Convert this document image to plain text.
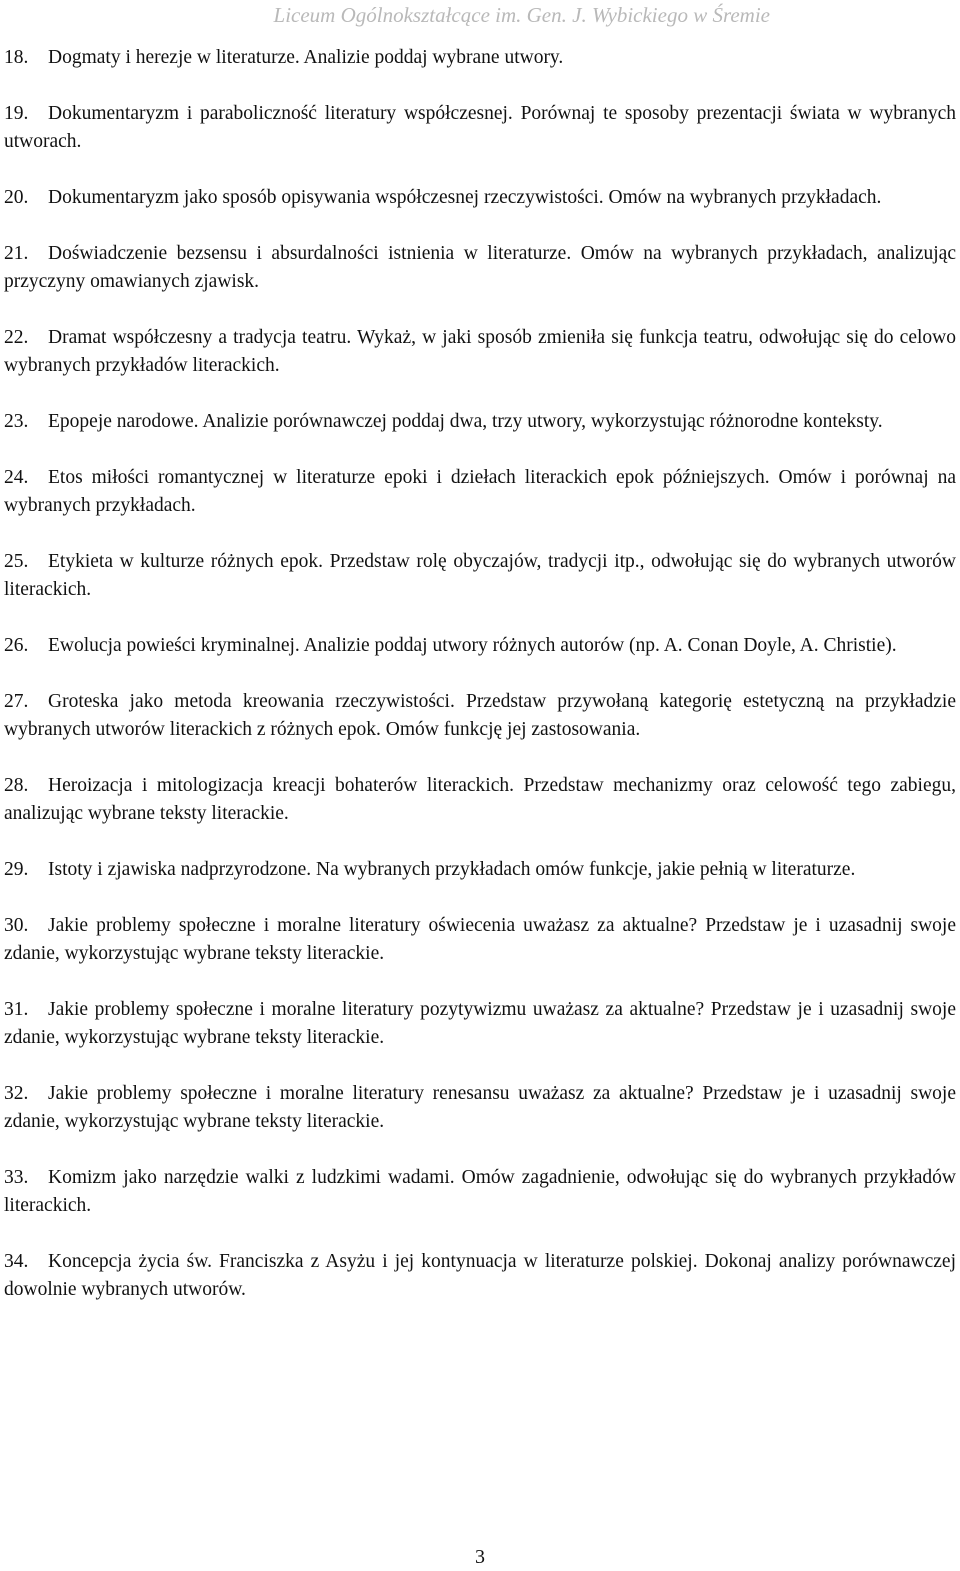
Liceum Ogólnokształcące im. Gen. J. Wybickiego w Śremie
18. Dogmaty i herezje w literaturze. Analizie poddaj wybrane utwory.
19. Dokumentaryzm i paraboliczność literatury współczesnej. Porównaj te sposoby prezentacji świata w wybranych utworach.
20. Dokumentaryzm jako sposób opisywania współczesnej rzeczywistości. Omów na wybranych przykładach.
21. Doświadczenie bezsensu i absurdalności istnienia w literaturze. Omów na wybranych przykładach, analizując przyczyny omawianych zjawisk.
22. Dramat współczesny a tradycja teatru. Wykaż, w jaki sposób zmieniła się funkcja teatru, odwołując się do celowo wybranych przykładów literackich.
23. Epopeje narodowe. Analizie porównawczej poddaj dwa, trzy utwory, wykorzystując różnorodne konteksty.
24. Etos miłości romantycznej w literaturze epoki i dziełach literackich epok późniejszych. Omów i porównaj na wybranych przykładach.
25. Etykieta w kulturze różnych epok. Przedstaw rolę obyczajów, tradycji itp., odwołując się do wybranych utworów literackich.
26. Ewolucja powieści kryminalnej. Analizie poddaj utwory różnych autorów (np. A. Conan Doyle, A. Christie).
27. Groteska jako metoda kreowania rzeczywistości. Przedstaw przywołaną kategorię estetyczną na przykładzie wybranych utworów literackich z różnych epok. Omów funkcję jej zastosowania.
28. Heroizacja i mitologizacja kreacji bohaterów literackich. Przedstaw mechanizmy oraz celowość tego zabiegu, analizując wybrane teksty literackie.
29. Istoty i zjawiska nadprzyrodzone. Na wybranych przykładach omów funkcje, jakie pełnią w literaturze.
30. Jakie problemy społeczne i moralne literatury oświecenia uważasz za aktualne? Przedstaw je i uzasadnij swoje zdanie, wykorzystując wybrane teksty literackie.
31. Jakie problemy społeczne i moralne literatury pozytywizmu uważasz za aktualne? Przedstaw je i uzasadnij swoje zdanie, wykorzystując wybrane teksty literackie.
32. Jakie problemy społeczne i moralne literatury renesansu uważasz za aktualne? Przedstaw je i uzasadnij swoje zdanie, wykorzystując wybrane teksty literackie.
33. Komizm jako narzędzie walki z ludzkimi wadami. Omów zagadnienie, odwołując się do wybranych przykładów literackich.
34. Koncepcja życia św. Franciszka z Asyżu i jej kontynuacja w literaturze polskiej. Dokonaj analizy porównawczej dowolnie wybranych utworów.
3
